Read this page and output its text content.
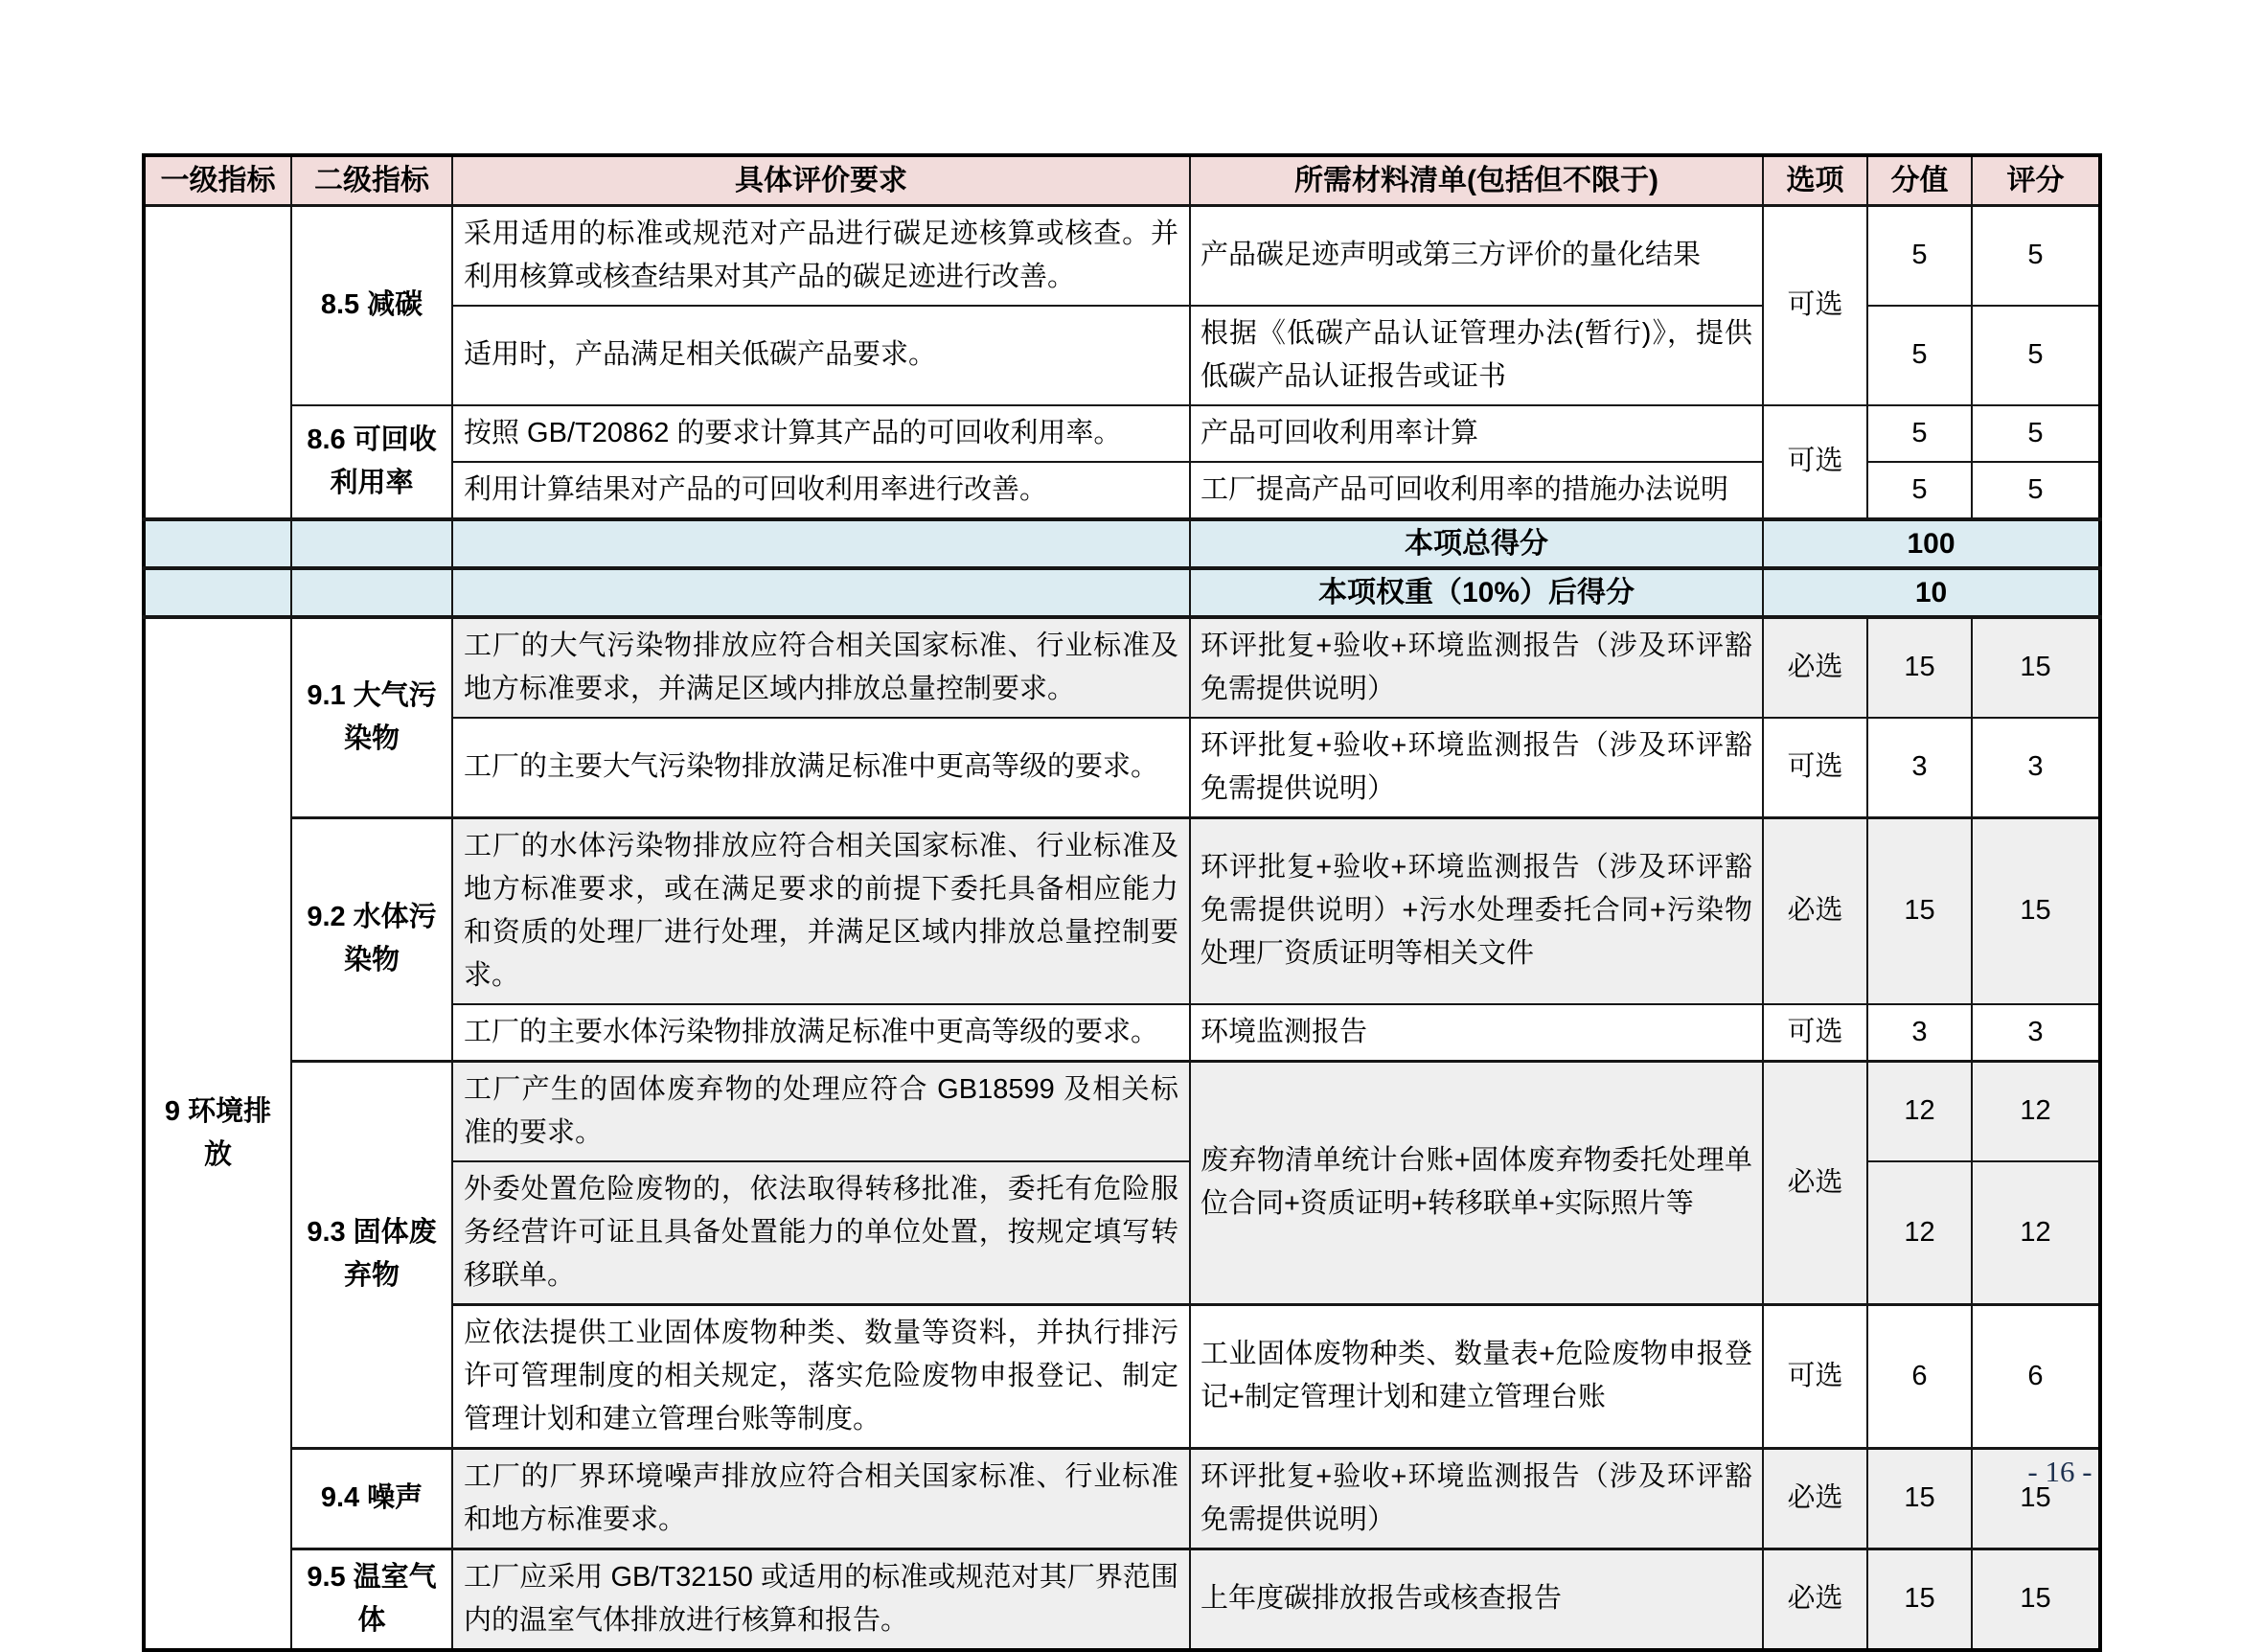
一级指标	二级指标	具体评价要求	所需材料清单(包括但不限于)	选项	分值	评分
	8.5 减碳	采用适用的标准或规范对产品进行碳足迹核算或核查。并利用核算或核查结果对其产品的碳足迹进行改善。	产品碳足迹声明或第三方评价的量化结果	可选	5	5
		适用时，产品满足相关低碳产品要求。	根据《低碳产品认证管理办法(暂行)》，提供低碳产品认证报告或证书		5	5
	8.6 可回收利用率	按照 GB/T20862 的要求计算其产品的可回收利用率。	产品可回收利用率计算	可选	5	5
		利用计算结果对产品的可回收利用率进行改善。	工厂提高产品可回收利用率的措施办法说明		5	5
			本项总得分	100		
			本项权重（10%）后得分	10		
9 环境排放	9.1 大气污染物	工厂的大气污染物排放应符合相关国家标准、行业标准及地方标准要求，并满足区域内排放总量控制要求。	环评批复+验收+环境监测报告（涉及环评豁免需提供说明）	必选	15	15
		工厂的主要大气污染物排放满足标准中更高等级的要求。	环评批复+验收+环境监测报告（涉及环评豁免需提供说明）	可选	3	3
	9.2 水体污染物	工厂的水体污染物排放应符合相关国家标准、行业标准及地方标准要求，或在满足要求的前提下委托具备相应能力和资质的处理厂进行处理，并满足区域内排放总量控制要求。	环评批复+验收+环境监测报告（涉及环评豁免需提供说明）+污水处理委托合同+污染物处理厂资质证明等相关文件	必选	15	15
		工厂的主要水体污染物排放满足标准中更高等级的要求。	环境监测报告	可选	3	3
	9.3 固体废弃物	工厂产生的固体废弃物的处理应符合 GB18599 及相关标准的要求。	废弃物清单统计台账+固体废弃物委托处理单位合同+资质证明+转移联单+实际照片等	必选	12	12
		外委处置危险废物的，依法取得转移批准，委托有危险服务经营许可证且具备处置能力的单位处置，按规定填写转移联单。			12	12
		应依法提供工业固体废物种类、数量等资料，并执行排污许可管理制度的相关规定，落实危险废物申报登记、制定管理计划和建立管理台账等制度。	工业固体废物种类、数量表+危险废物申报登记+制定管理计划和建立管理台账	可选	6	6
	9.4 噪声	工厂的厂界环境噪声排放应符合相关国家标准、行业标准和地方标准要求。	环评批复+验收+环境监测报告（涉及环评豁免需提供说明）	必选	15	15
	9.5 温室气体	工厂应采用 GB/T32150 或适用的标准或规范对其厂界范围内的温室气体排放进行核算和报告。	上年度碳排放报告或核查报告	必选	15	15
- 16 -
